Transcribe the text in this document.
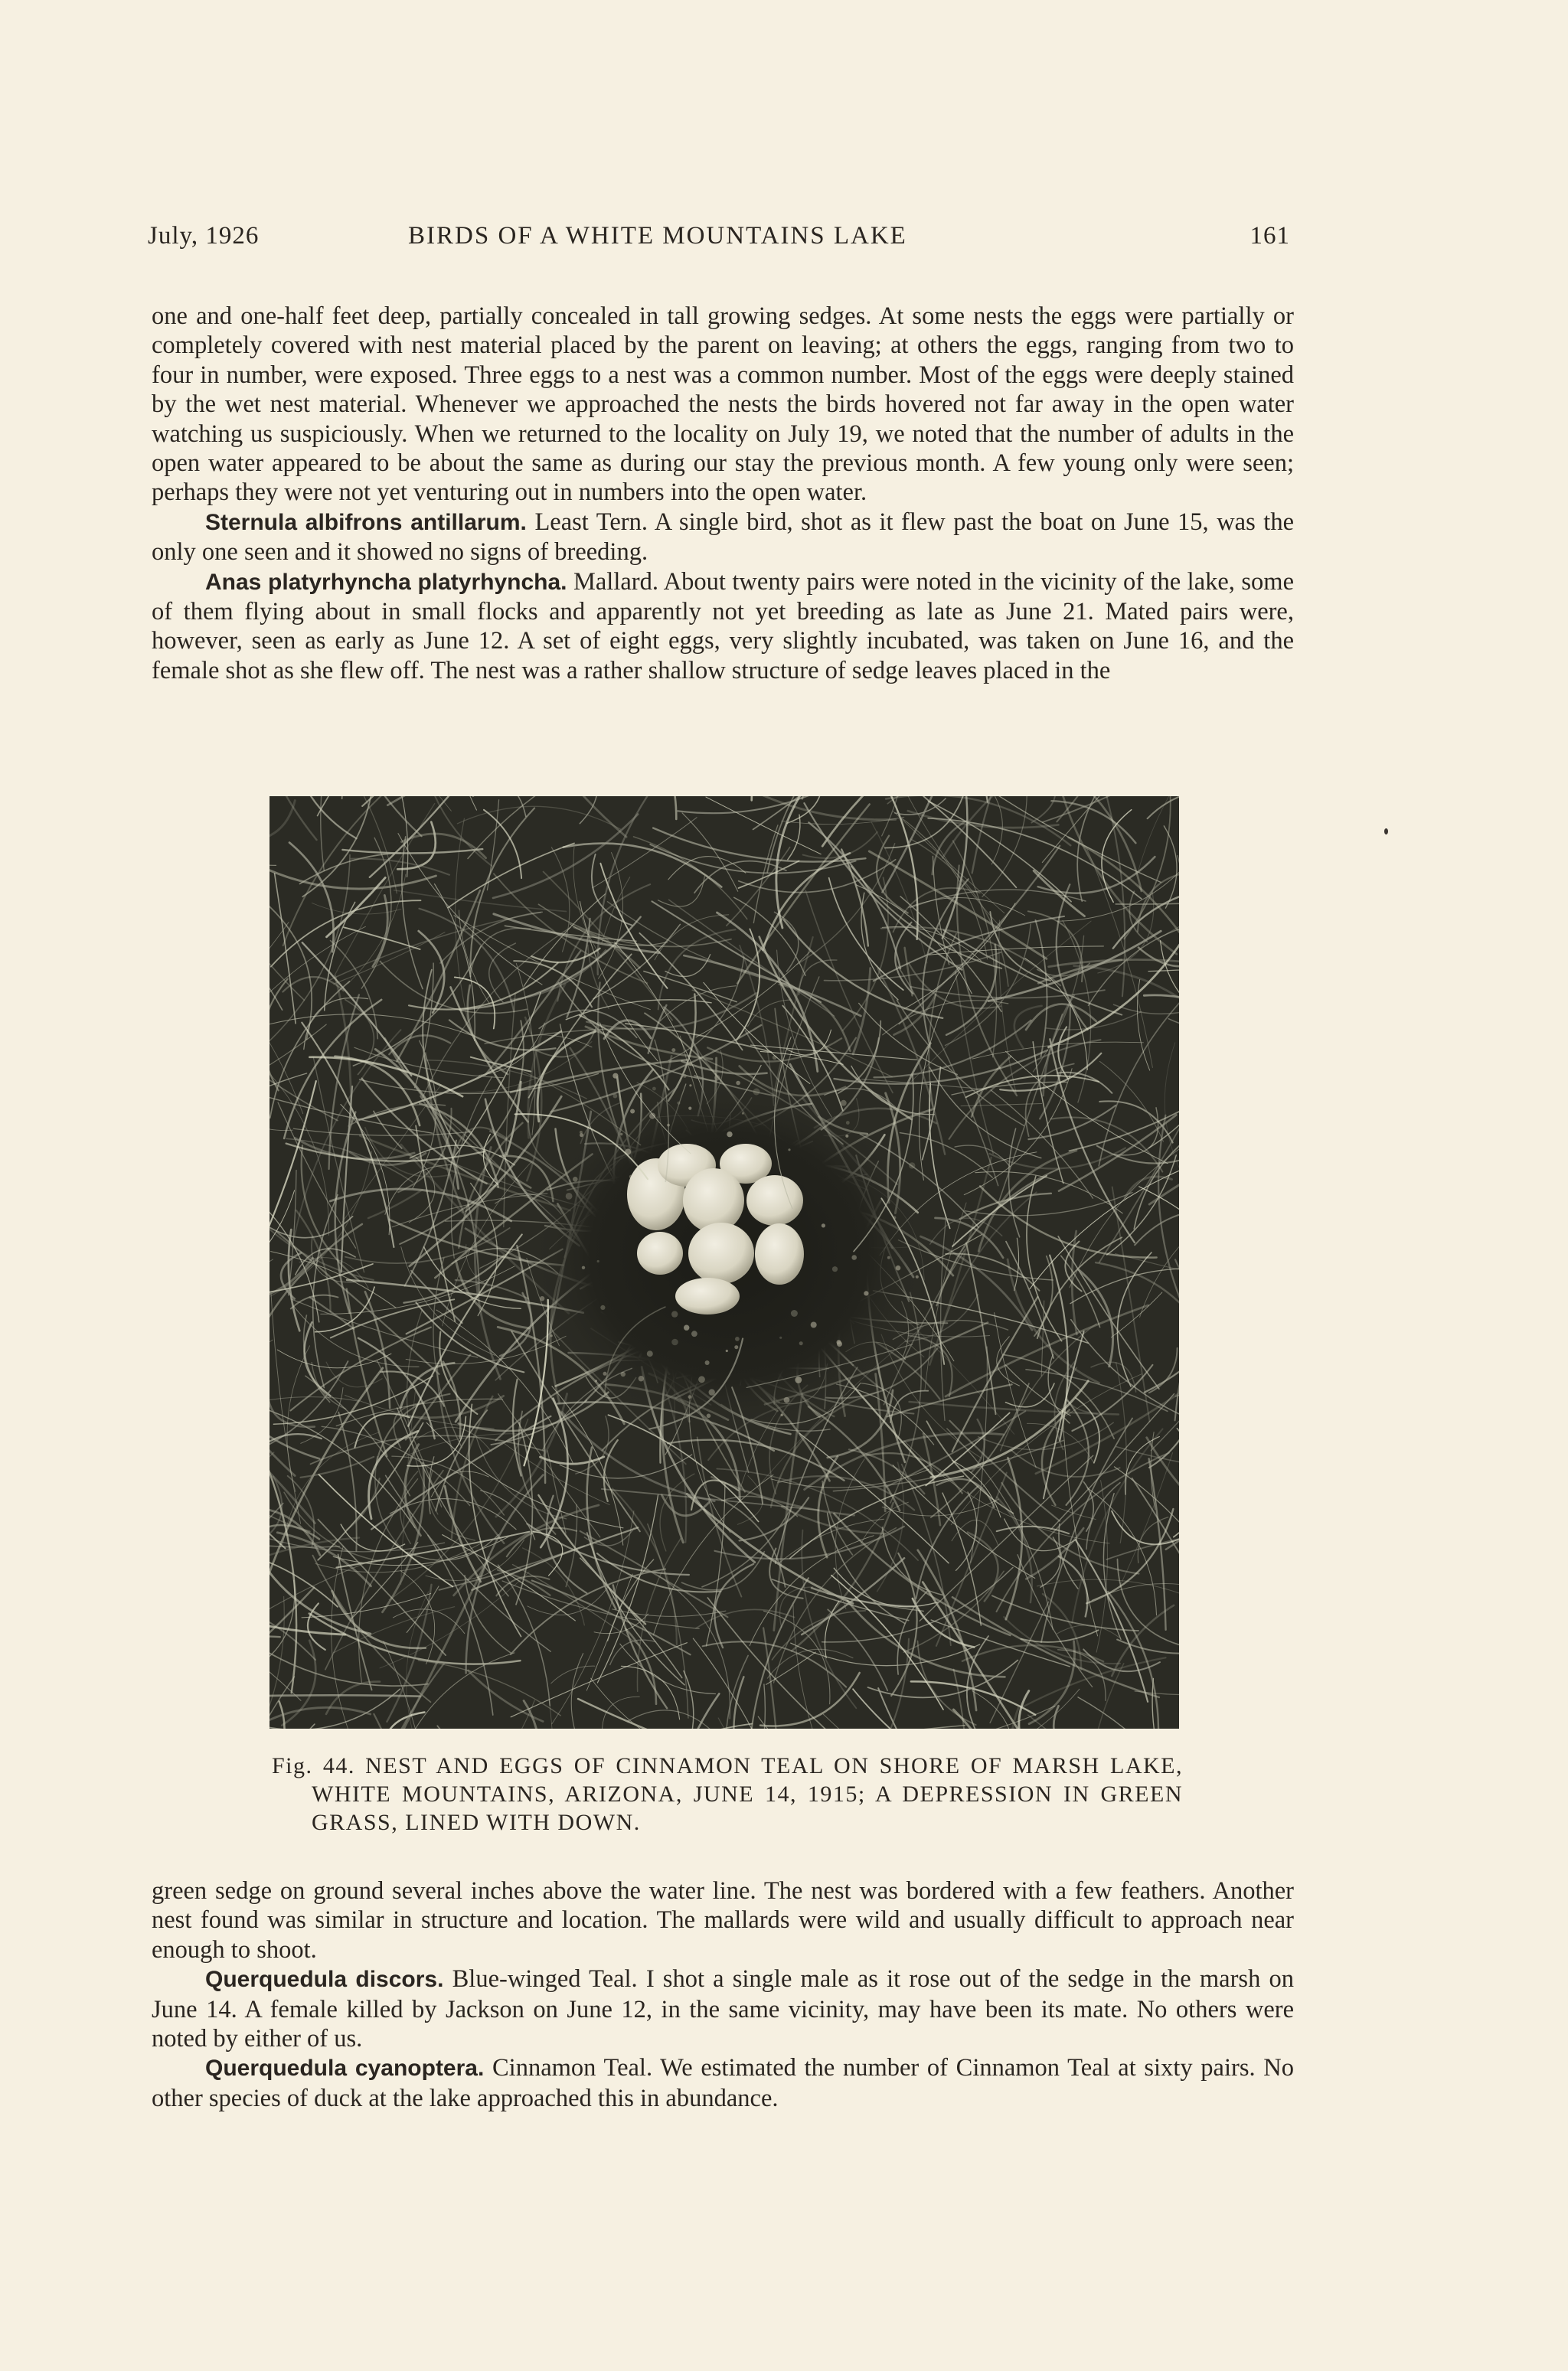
July, 1926	BIRDS OF A WHITE MOUNTAINS LAKE	161

one and one-half feet deep, partially concealed in tall growing sedges. At some nests the eggs were partially or completely covered with nest material placed by the parent on leaving; at others the eggs, ranging from two to four in number, were exposed. Three eggs to a nest was a common number. Most of the eggs were deeply stained by the wet nest material. Whenever we approached the nests the birds hovered not far away in the open water watching us suspiciously. When we returned to the locality on July 19, we noted that the number of adults in the open water appeared to be about the same as during our stay the previous month. A few young only were seen; perhaps they were not yet venturing out in numbers into the open water.

Sternula albifrons antillarum. Least Tern. A single bird, shot as it flew past the boat on June 15, was the only one seen and it showed no signs of breeding.

Anas platyrhyncha platyrhyncha. Mallard. About twenty pairs were noted in the vicinity of the lake, some of them flying about in small flocks and apparently not yet breeding as late as June 21. Mated pairs were, however, seen as early as June 12. A set of eight eggs, very slightly incubated, was taken on June 16, and the female shot as she flew off. The nest was a rather shallow structure of sedge leaves placed in the

Fig. 44. NEST AND EGGS OF CINNAMON TEAL ON SHORE OF MARSH LAKE, WHITE MOUNTAINS, ARIZONA, JUNE 14, 1915; A DEPRESSION IN GREEN GRASS, LINED WITH DOWN.

green sedge on ground several inches above the water line. The nest was bordered with a few feathers. Another nest found was similar in structure and location. The mallards were wild and usually difficult to approach near enough to shoot.

Querquedula discors. Blue-winged Teal. I shot a single male as it rose out of the sedge in the marsh on June 14. A female killed by Jackson on June 12, in the same vicinity, may have been its mate. No others were noted by either of us.

Querquedula cyanoptera. Cinnamon Teal. We estimated the number of Cinnamon Teal at sixty pairs. No other species of duck at the lake approached this in abundance.
